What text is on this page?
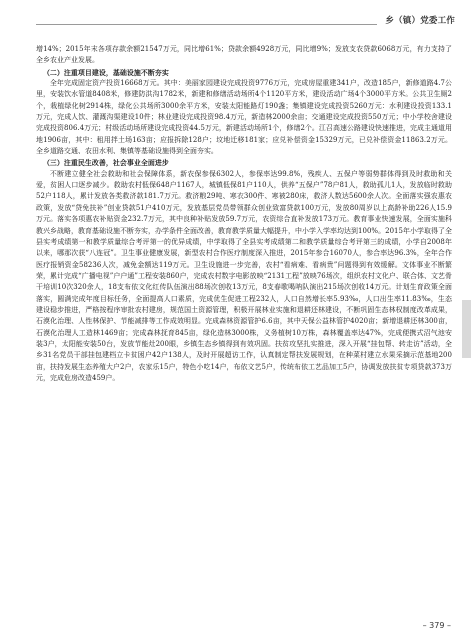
乡（镇）党委工作

增14%；2015年末各项存款余额21547万元，同比增61%；贷款余额4928万元，同比增9%；发放支农贷款6068万元，有力支持了全乡农业产业发展。

（二）注重项目建设，基础设施不断夯实

全年完成固定资产投资16668万元。其中：美丽家园建设完成投资9776万元，完成房屋重建341户，改造185户，新修道路4.7公里，安装饮水管道8408米，修建防洪沟1782米，新建和修缮活动场所4个1120平方米，建设活动广场4个3000平方米。公共卫生厕2个，栽植绿化树2914株，绿化公共场所3000余平方米，安装太阳能路灯190盏；集镇建设完成投资5260万元：水利建设投资133.1万元，完成人饮、灌溉沟渠建设10件；林业建设完成投资98.4万元，新造林2000余亩；交通建设完成投资550万元；中小学校舍建设完成投资806.4万元；村级活动场所建设完成投资44.5万元，新建活动场所1个，修缮2个。江召高速公路建设快速推进，完成主通道用地1906亩，其中：租用拌土场163亩；应报拆除128户；坟地迁移181家；应兑补偿资金15329万元，已兑补偿资金11863.2万元。全乡道路交通、农田水利、集镇等基础设施得到全面夯实。

（三）注重民生改善，社会事业全面进步

不断建立健全社会救助和社会保障体系，新农保参保6302人，参保率达99.8%，残疾人、五保户等弱势群体得到及时救助和关爱，贫困人口逐步减少。救助农村低保648户1167人，城镇低保81户110人，供养“五保户”78户81人，救助孤儿1人，发放临时救助52户118人，累计发放各类救济款181.7万元。救济粮29吨、寒衣300件、寒被280床，救济人数达5600余人次。全面落实强农惠农政策，发放“贷免扶补”创业贷款51户410万元，发放基层党员带领群众创业致富贷款100万元，发放80周岁以上高龄补助226人15.9万元。落实各项惠农补贴资金232.7万元，其中良种补贴发放59.7万元，农资综合直补发放173万元。教育事业快速发展，全面实施科教兴乡战略，教育基础设施不断夯实，办学条件全面改善，教育教学质量大幅提升，中小学入学率均达到100%。2015年小学取得了全县实考成绩第一和教学质量综合考评第一的优异成绩，中学取得了全县实考成绩第二和教学质量综合考评第三的成绩，小学自2008年以来，哪那次获“八连冠”。卫生事业健康发展，新型农村合作医疗制度深入推进，2015年参合16070人，参合率达96.3%，全年合作医疗报销资金58236人次，减免金额达119万元。卫生设施进一步完善，农村“看病难、看病贵”问题得到有效缓解。文体事业不断繁荣，累计完成“广播电视”户户通”工程安装860户，完成农村数字电影放映“2131工程”放映76场次，组织农村文化户、联合体、文艺骨干培训10次320余人，18支布依文化红传队伍演出88场次创收13万元，8支春歌喝呐队演出215场次创收14万元。计划生育政策全面落实，圆满完成年度目标任务，全面提高人口素质，完成优生促进工程232人，人口自然增长率5.93‰，人口出生率11.83‰，生态建设稳步推进，严格按程序审批农村建房，规范国土资源管理，积极开展林业实施和退耕还林建设，不断巩固生态林权制度改革成果，石漠化治理、人性林保护、节能减排等工作成效明显。完成森林资源管护6.6亩，其中天保公益林管护4020亩；新增退耕还林300亩，石漠化治理人工造林1469亩；完成森林抚育845亩，绿化造林3000株，义务植树10万株，森林覆盖率达47%，完成便携式沼气池安装3户，太阳能安装50台，发放节能灶200眼，乡镇生态乡镇得到有效巩固。扶贫攻坚扎实推进，深入开展“挂包帮、转走访”活动，全乡31名党员干部挂包建档立卡贫困户42户138人，及时开展超访工作，认真制定帮扶发展规划，在种菜村建立水果采摘示范基地200亩，扶持发展生态养殖大户2户，农家乐15户，特色小吃14户，布依文艺5户，传统布依工艺品加工5户，协调发放扶贫专项贷款373万元，完成危房改造459户。

– 379 –
